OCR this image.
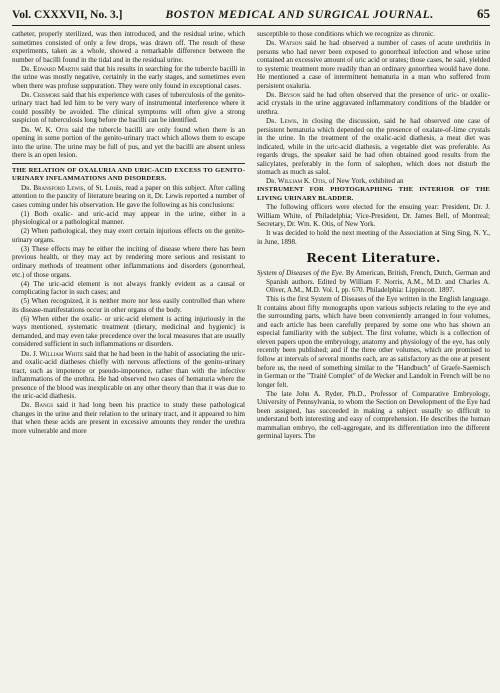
Vol. CXXXVII, No. 3.]	BOSTON MEDICAL AND SURGICAL JOURNAL.	65

catheter, properly sterilized, was then introduced, and the residual urine, which sometimes consisted of only a few drops, was drawn off. The result of these experiments, taken as a whole, showed a remarkable difference between the number of bacilli found in the tidal and in the residual urine.

Dr. Edward Martin said that his results in searching for the tubercle bacilli in the urine was mostly negative, certainly in the early stages, and sometimes even when there was profuse suppuration. They were only found in exceptional cases.

Dr. Crismore said that his experience with cases of tuberculosis of the genito-urinary tract had led him to be very wary of instrumental interference where it could possibly be avoided. The clinical symptoms will often give a strong suspicion of tuberculosis long before the bacilli can be identified.

Dr. W. K. Otis said the tubercle bacilli are only found when there is an opening in some portion of the genito-urinary tract which allows them to escape into the urine. The urine may be full of pus, and yet the bacilli are absent unless there is an open lesion.

THE RELATION OF OXALURIA AND URIC-ACID EXCESS TO GENITO-URINARY INFLAMMATIONS AND DISORDERS.

Dr. Bransford Lewis, of St. Louis, read a paper on this subject. After calling attention to the paucity of literature bearing on it, Dr. Lewis reported a number of cases coming under his observation. He gave the following as his conclusions:

(1) Both oxalic- and uric-acid may appear in the urine, either in a physiological or a pathological manner.

(2) When pathological, they may exert certain injurious effects on the genito-urinary organs.

(3) These effects may be either the inciting of disease where there has been previous health, or they may act by rendering more serious and resistant to ordinary methods of treatment other inflammations and disorders (gonorrheal, etc.) of those organs.

(4) The uric-acid element is not always frankly evident as a causal or complicating factor in such cases; and

(5) When recognized, it is neither more nor less easily controlled than where its disease-manifestations occur in other organs of the body.

(6) When either the oxalic- or uric-acid element is acting injuriously in the ways mentioned, systematic treatment (dietary, medicinal and hygienic) is demanded, and may even take precedence over the local measures that are usually considered sufficient in such inflammations or disorders.

Dr. J. William White said that he had been in the habit of associating the uric- and oxalic-acid diatheses chiefly with nervous affections of the genito-urinary tract, such as impotence or pseudo-impotence, rather than with the infective inflammations of the urethra. He had observed two cases of hematuria where the presence of the blood was inexplicable on any other theory than that it was due to the uric-acid diathesis.

Dr. Bangs said it had long been his practice to study these pathological changes in the urine and their relation to the urinary tract, and it appeared to him that when these acids are present in excessive amounts they render the urethra more vulnerable and more

susceptible to those conditions which we recognize as chronic.

Dr. Watson said he had observed a number of cases of acute urethritis in persons who had never been exposed to gonorrheal infection and whose urine contained an excessive amount of uric acid or urates; those cases, he said, yielded to systemic treatment more readily than an ordinary gonorrhea would have done. He mentioned a case of intermittent hematuria in a man who suffered from persistent oxaluria.

Dr. Bryson said he had often observed that the presence of uric- or oxalic-acid crystals in the urine aggravated inflammatory conditions of the bladder or urethra.

Dr. Lewis, in closing the discussion, said he had observed one case of persistent hematuria which depended on the presence of oxalate-of-lime crystals in the urine. In the treatment of the oxalic-acid diathesis, a meat diet was indicated, while in the uric-acid diathesis, a vegetable diet was preferable. As regards drugs, the speaker said he had often obtained good results from the salicylates, preferably in the form of salophen, which does not disturb the stomach as much as salol.

Dr. William K. Otis, of New York, exhibited an

INSTRUMENT FOR PHOTOGRAPHING THE INTERIOR OF THE LIVING URINARY BLADDER.

The following officers were elected for the ensuing year: President, Dr. J. William White, of Philadelphia; Vice-President, Dr. James Bell, of Montreal; Secretary, Dr. Wm. K. Otis, of New York.

It was decided to hold the next meeting of the Association at Sing Sing, N. Y., in June, 1898.

Recent Literature.

System of Diseases of the Eye. By American, British, French, Dutch, German and Spanish authors. Edited by William F. Norris, A.M., M.D. and Charles A. Oliver, A.M., M.D. Vol. I, pp. 670. Philadelphia: Lippincott. 1897.

This is the first System of Diseases of the Eye written in the English language. It contains about fifty monographs upon various subjects relating to the eye and the surrounding parts, which have been conveniently arranged in four volumes, and each article has been carefully prepared by some one who has shown an especial familiarity with the subject. The first volume, which is a collection of eleven papers upon the embryology, anatomy and physiology of the eye, has only recently been published; and if the three other volumes, which are promised to follow at intervals of several months each, are as satisfactory as the one at present before us, the need of something similar to the "Handbuch" of Graefe-Saemisch in German or the "Traité Complet" of de Wecker and Landolt in French will be no longer felt.

The late John A. Ryder, Ph.D., Professor of Comparative Embryology, University of Pennsylvania, to whom the Section on Development of the Eye had been assigned, has succeeded in making a subject usually so difficult to understand both interesting and easy of comprehension. He describes the human mammalian embryo, the cell-aggregate, and its differentiation into the different germinal layers. The
